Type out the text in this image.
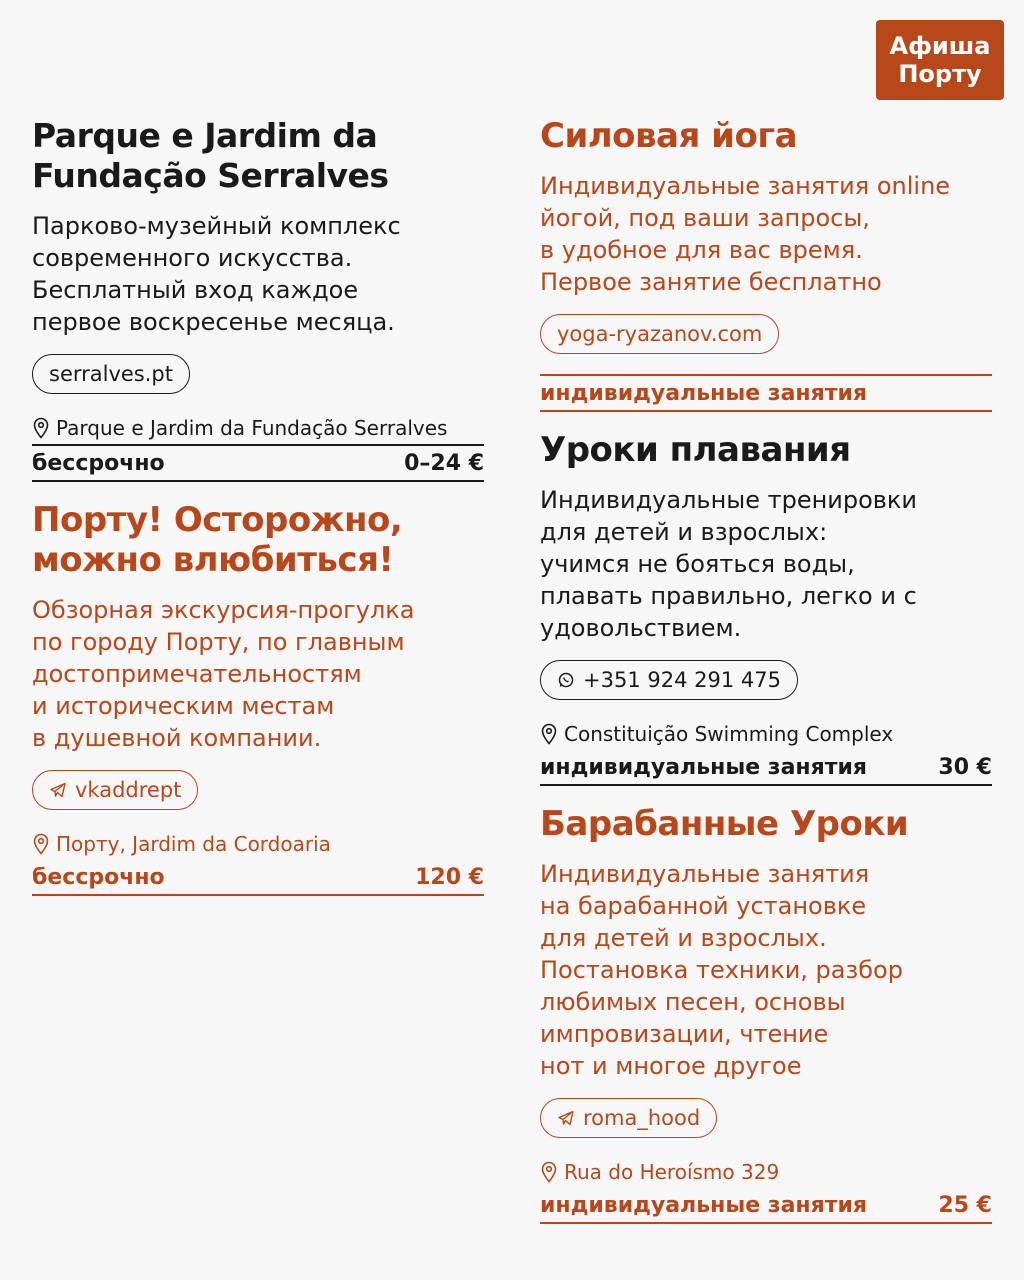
Афиша
Порту
Parque e Jardim da Fundação Serralves

Парково-музейный комплекс
современного искусства.
Бесплатный вход каждое
первое воскресенье месяца.

serralves.pt
Parque e Jardim da Fundação Serralves
бессрочно	0–24 €
Порту! Осторожно, можно влюбиться!

Обзорная экскурсия-прогулка
по городу Порту, по главным
достопримечательностям
и историческим местам
в душевной компании.

vkaddrept
Порту, Jardim da Cordoaria
бессрочно	120 €
Силовая йога

Индивидуальные занятия online
йогой, под ваши запросы,
в удобное для вас время.
Первое занятие бесплатно

yoga-ryazanov.com
индивидуальные занятия
Уроки плавания

Индивидуальные тренировки
для детей и взрослых:
учимся не бояться воды,
плавать правильно, легко и с
удовольствием.

+351 924 291 475
Constituição Swimming Complex
индивидуальные занятия	30 €
Барабанные Уроки

Индивидуальные занятия
на барабанной установке
для детей и взрослых.
Постановка техники, разбор
любимых песен, основы
импровизации, чтение
нот и многое другое

roma_hood
Rua do Heroísmo 329
индивидуальные занятия	25 €
